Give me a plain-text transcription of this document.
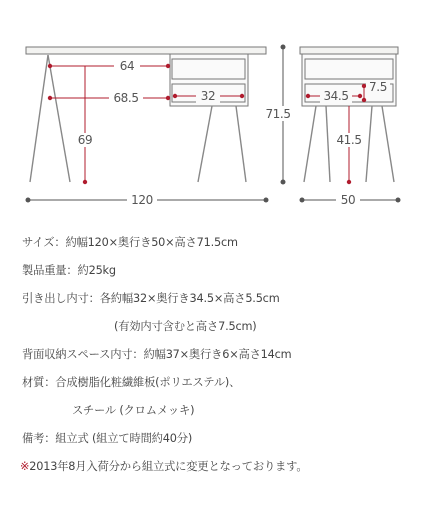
64
68.5	32
69
120
71.5
34.5
7.5
41.5
50
サイズ：約幅120×奥行き50×高さ71.5cm
製品重量：約25kg
引き出し内寸：各約幅32×奥行き34.5×高さ5.5cm
(有効内寸含むと高さ7.5cm)
背面収納スペース内寸：約幅37×奥行き6×高さ14cm
材質：合成樹脂化粧繊維板(ポリエステル)、
スチール (クロムメッキ)
備考：組立式 (組立て時間約40分)
※2013年8月入荷分から組立式に変更となっております。
